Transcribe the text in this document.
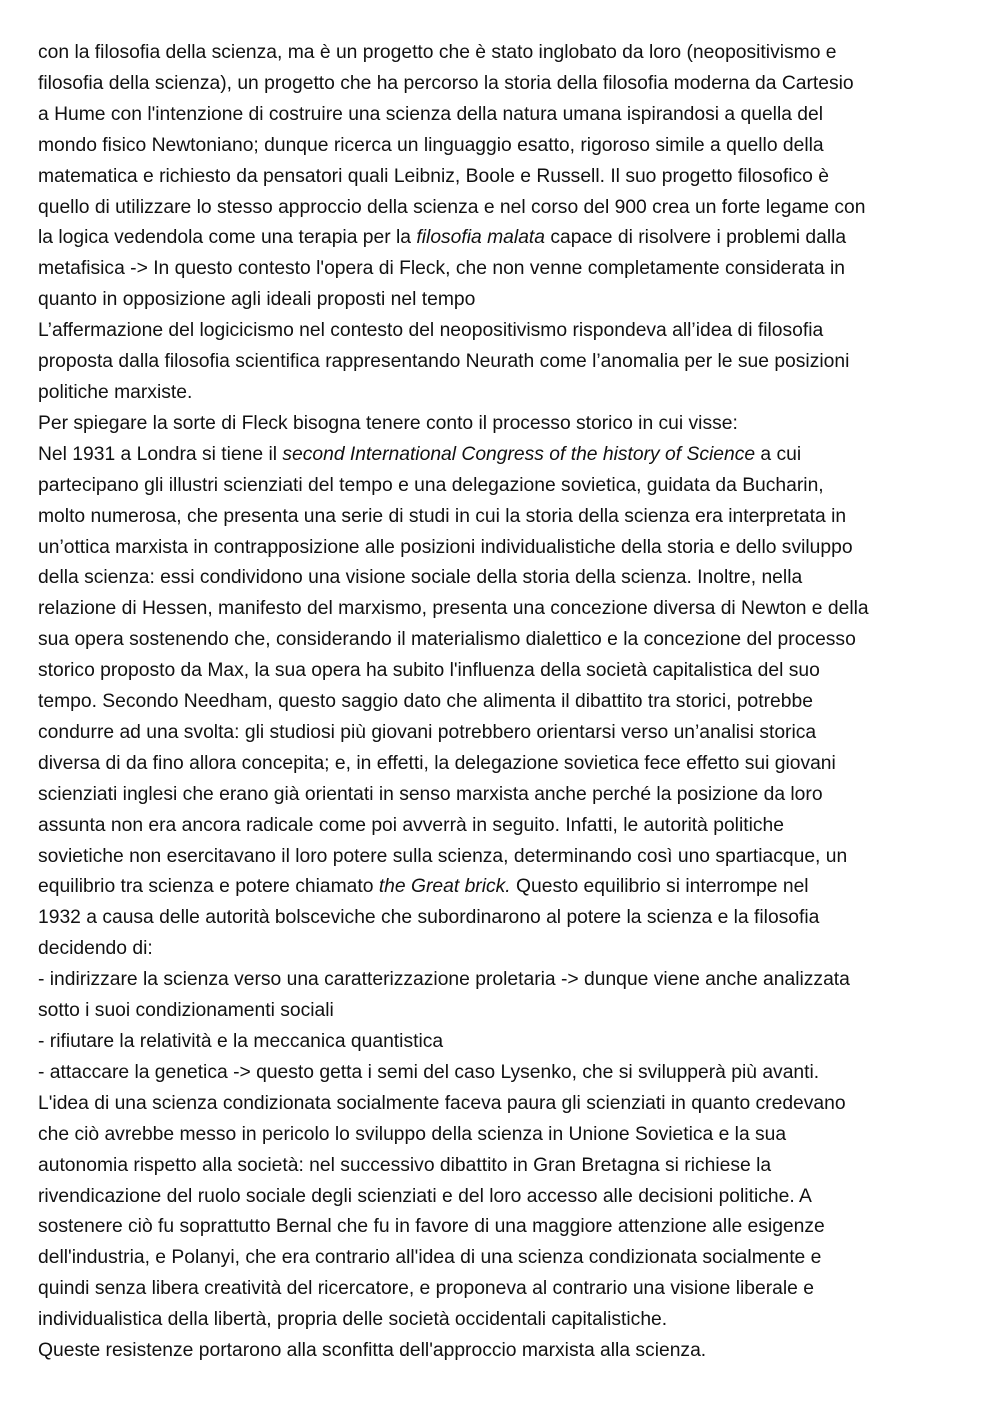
con la filosofia della scienza, ma è un progetto che è stato inglobato da loro (neopositivismo e
filosofia della scienza), un progetto che ha percorso la storia della filosofia moderna da Cartesio
a Hume con l'intenzione di costruire una scienza della natura umana ispirandosi a quella del
mondo fisico Newtoniano; dunque ricerca un linguaggio esatto, rigoroso simile a quello della
matematica e richiesto da pensatori quali Leibniz, Boole e Russell. Il suo progetto filosofico è
quello di utilizzare lo stesso approccio della scienza e nel corso del 900 crea un forte legame con
la logica vedendola come una terapia per la filosofia malata capace di risolvere i problemi dalla
metafisica -> In questo contesto l'opera di Fleck, che non venne completamente considerata in
quanto in opposizione agli ideali proposti nel tempo

L’affermazione del logicicismo nel contesto del neopositivismo rispondeva all’idea di filosofia
proposta dalla filosofia scientifica rappresentando Neurath come l’anomalia per le sue posizioni
politiche marxiste.

Per spiegare la sorte di Fleck bisogna tenere conto il processo storico in cui visse:

Nel 1931 a Londra si tiene il second International Congress of the history of Science a cui
partecipano gli illustri scienziati del tempo e una delegazione sovietica, guidata da Bucharin,
molto numerosa, che presenta una serie di studi in cui la storia della scienza era interpretata in
un’ottica marxista in contrapposizione alle posizioni individualistiche della storia e dello sviluppo
della scienza: essi condividono una visione sociale della storia della scienza. Inoltre, nella
relazione di Hessen, manifesto del marxismo, presenta una concezione diversa di Newton e della
sua opera sostenendo che, considerando il materialismo dialettico e la concezione del processo
storico proposto da Max, la sua opera ha subito l'influenza della società capitalistica del suo
tempo. Secondo Needham, questo saggio dato che alimenta il dibattito tra storici, potrebbe
condurre ad una svolta: gli studiosi più giovani potrebbero orientarsi verso un’analisi storica
diversa di da fino allora concepita; e, in effetti, la delegazione sovietica fece effetto sui giovani
scienziati inglesi che erano già orientati in senso marxista anche perché la posizione da loro
assunta non era ancora radicale come poi avverrà in seguito. Infatti, le autorità politiche
sovietiche non esercitavano il loro potere sulla scienza, determinando così uno spartiacque, un
equilibrio tra scienza e potere chiamato the Great brick. Questo equilibrio si interrompe nel
1932 a causa delle autorità bolsceviche che subordinarono al potere la scienza e la filosofia
decidendo di:

- indirizzare la scienza verso una caratterizzazione proletaria -> dunque viene anche analizzata
sotto i suoi condizionamenti sociali
- rifiutare la relatività e la meccanica quantistica
- attaccare la genetica -> questo getta i semi del caso Lysenko, che si svilupperà più avanti.

L'idea di una scienza condizionata socialmente faceva paura gli scienziati in quanto credevano
che ciò avrebbe messo in pericolo lo sviluppo della scienza in Unione Sovietica e la sua
autonomia rispetto alla società: nel successivo dibattito in Gran Bretagna si richiese la
rivendicazione del ruolo sociale degli scienziati e del loro accesso alle decisioni politiche. A
sostenere ciò fu soprattutto Bernal che fu in favore di una maggiore attenzione alle esigenze
dell'industria, e Polanyi, che era contrario all'idea di una scienza condizionata socialmente e
quindi senza libera creatività del ricercatore, e proponeva al contrario una visione liberale e
individualistica della libertà, propria delle società occidentali capitalistiche.

Queste resistenze portarono alla sconfitta dell'approccio marxista alla scienza.
